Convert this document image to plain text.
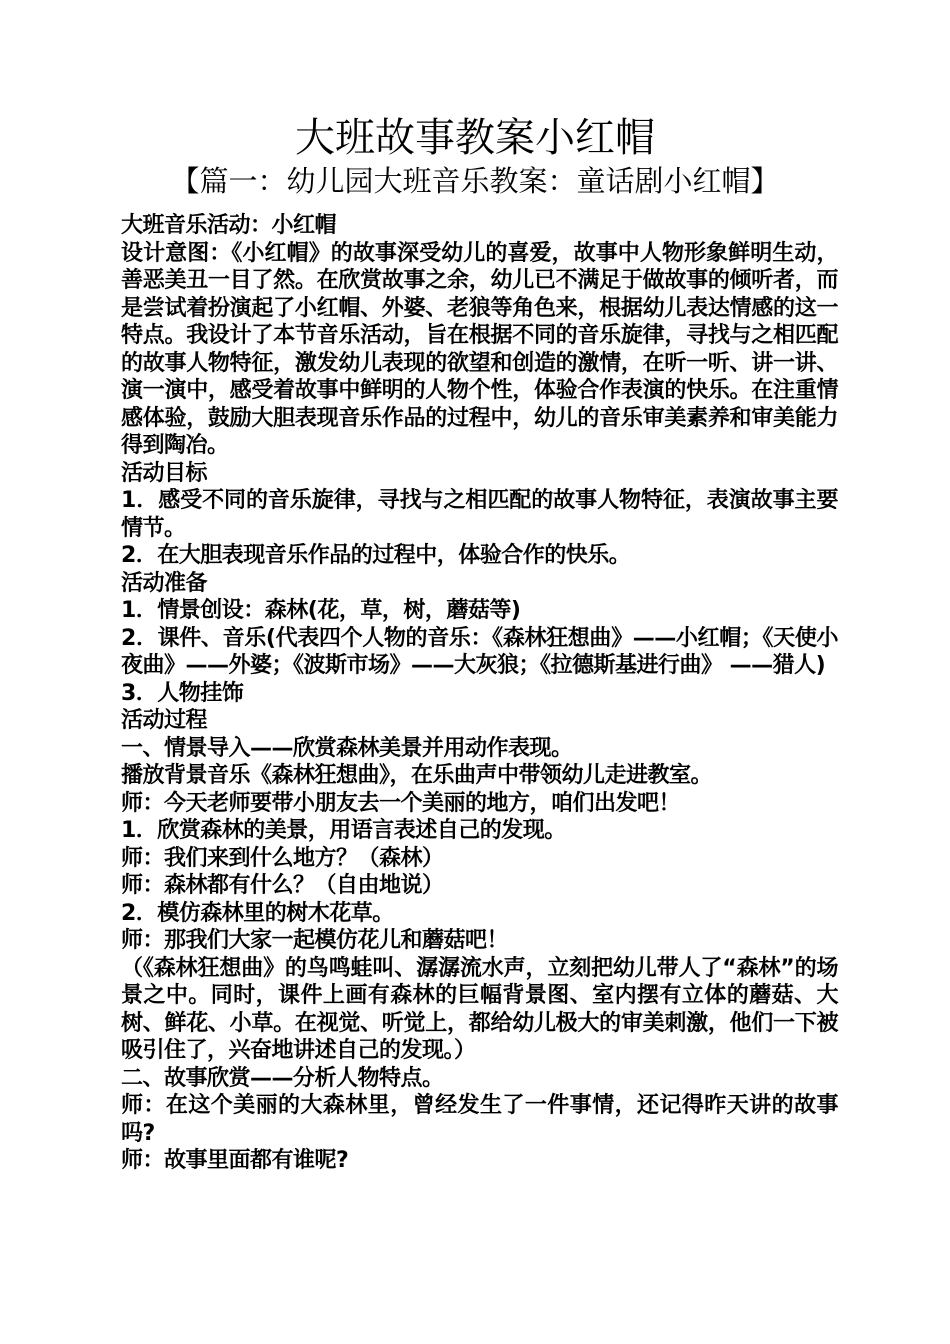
大班故事教案小红帽
【篇一：幼儿园大班音乐教案：童话剧小红帽】

大班音乐活动：小红帽

设计意图：《小红帽》的故事深受幼儿的喜爱，故事中人物形象鲜明生动，善恶美丑一目了然。在欣赏故事之余，幼儿已不满足于做故事的倾听者，而是尝试着扮演起了小红帽、外婆、老狼等角色来，根据幼儿表达情感的这一特点。我设计了本节音乐活动，旨在根据不同的音乐旋律，寻找与之相匹配的故事人物特征，激发幼儿表现的欲望和创造的激情，在听一听、讲一讲、演一演中，感受着故事中鲜明的人物个性，体验合作表演的快乐。在注重情感体验，鼓励大胆表现音乐作品的过程中，幼儿的音乐审美素养和审美能力得到陶冶。

活动目标

1．感受不同的音乐旋律，寻找与之相匹配的故事人物特征，表演故事主要情节。

2．在大胆表现音乐作品的过程中，体验合作的快乐。

活动准备

1．情景创设：森林(花，草，树，蘑菇等)

2．课件、音乐(代表四个人物的音乐：《森林狂想曲》——小红帽；《天使小夜曲》——外婆；《波斯市场》——大灰狼；《拉德斯基进行曲》 ——猎人)

3．人物挂饰

活动过程

一、情景导入——欣赏森林美景并用动作表现。

播放背景音乐《森林狂想曲》，在乐曲声中带领幼儿走进教室。

师：今天老师要带小朋友去一个美丽的地方，咱们出发吧！

1．欣赏森林的美景，用语言表述自己的发现。

师：我们来到什么地方？（森林）

师：森林都有什么？（自由地说）

2．模仿森林里的树木花草。

师：那我们大家一起模仿花儿和蘑菇吧！

（《森林狂想曲》的鸟鸣蛙叫、潺潺流水声，立刻把幼儿带人了“森林”的场景之中。同时，课件上画有森林的巨幅背景图、室内摆有立体的蘑菇、大树、鲜花、小草。在视觉、听觉上，都给幼儿极大的审美刺激，他们一下被吸引住了，兴奋地讲述自己的发现。）

二、故事欣赏——分析人物特点。

师：在这个美丽的大森林里，曾经发生了一件事情，还记得昨天讲的故事吗?

师：故事里面都有谁呢?
